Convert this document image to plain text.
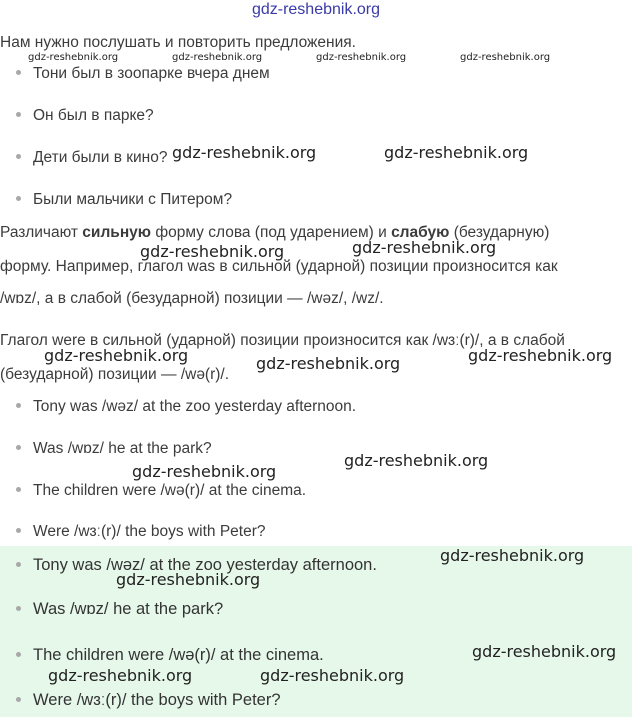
gdz-reshebnik.org
Нам нужно послушать и повторить предложения.
Тони был в зоопарке вчера днем
Он был в парке?
Дети были в кино?
Были мальчики с Питером?
Различают сильную форму слова (под ударением) и слабую (безударную)
форму. Например, глагол was в сильной (ударной) позиции произносится как
/wɒz/, а в слабой (безударной) позиции — /wəz/, /wz/.
Глагол were в сильной (ударной) позиции произносится как /wɜː(r)/, а в слабой
(безударной) позиции — /wə(r)/.
Tony was /wəz/ at the zoo yesterday afternoon.
Was /wɒz/ he at the park?
The children were /wə(r)/ at the cinema.
Were /wɜː(r)/ the boys with Peter?
Tony was /wəz/ at the zoo yesterday afternoon.
Was /wɒz/ he at the park?
The children were /wə(r)/ at the cinema.
Were /wɜː(r)/ the boys with Peter?
gdz-reshebnik.org	gdz-reshebnik.org	gdz-reshebnik.org	gdz-reshebnik.org
gdz-reshebnik.org	gdz-reshebnik.org
gdz-reshebnik.org	gdz-reshebnik.org
gdz-reshebnik.org	gdz-reshebnik.org	gdz-reshebnik.org
gdz-reshebnik.org
gdz-reshebnik.org
gdz-reshebnik.org
gdz-reshebnik.org
gdz-reshebnik.org
gdz-reshebnik.org	gdz-reshebnik.org
